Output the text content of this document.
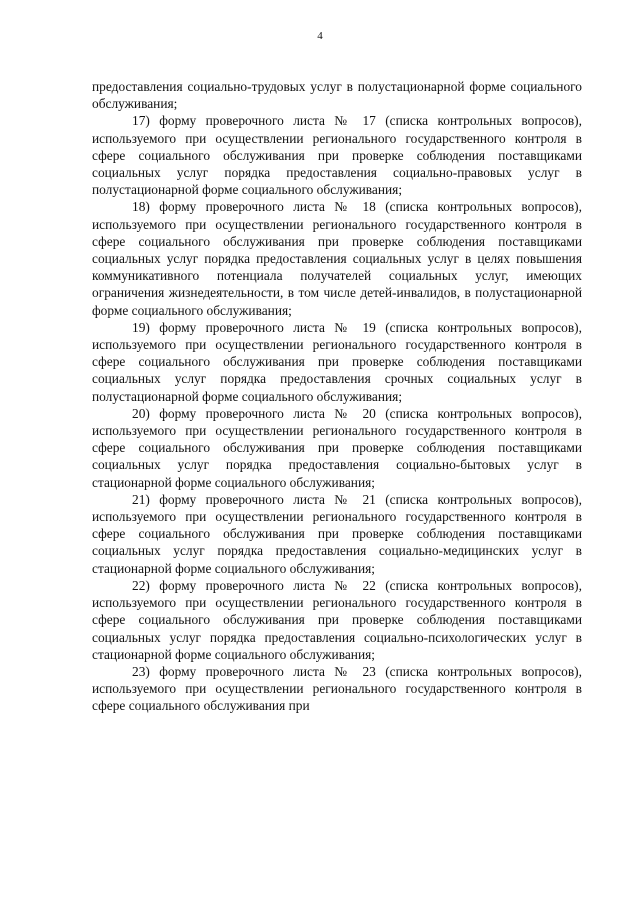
4

предоставления социально-трудовых услуг в полустационарной форме социального обслуживания;

17) форму проверочного листа № 17 (списка контрольных вопросов), используемого при осуществлении регионального государственного контроля в сфере социального обслуживания при проверке соблюдения поставщиками социальных услуг порядка предоставления социально-правовых услуг в полустационарной форме социального обслуживания;

18) форму проверочного листа № 18 (списка контрольных вопросов), используемого при осуществлении регионального государственного контроля в сфере социального обслуживания при проверке соблюдения поставщиками социальных услуг порядка предоставления социальных услуг в целях повышения коммуникативного потенциала получателей социальных услуг, имеющих ограничения жизнедеятельности, в том числе детей-инвалидов, в полустационарной форме социального обслуживания;

19) форму проверочного листа № 19 (списка контрольных вопросов), используемого при осуществлении регионального государственного контроля в сфере социального обслуживания при проверке соблюдения поставщиками социальных услуг порядка предоставления срочных социальных услуг в полустационарной форме социального обслуживания;

20) форму проверочного листа № 20 (списка контрольных вопросов), используемого при осуществлении регионального государственного контроля в сфере социального обслуживания при проверке соблюдения поставщиками социальных услуг порядка предоставления социально-бытовых услуг в стационарной форме социального обслуживания;

21) форму проверочного листа № 21 (списка контрольных вопросов), используемого при осуществлении регионального государственного контроля в сфере социального обслуживания при проверке соблюдения поставщиками социальных услуг порядка предоставления социально-медицинских услуг в стационарной форме социального обслуживания;

22) форму проверочного листа № 22 (списка контрольных вопросов), используемого при осуществлении регионального государственного контроля в сфере социального обслуживания при проверке соблюдения поставщиками социальных услуг порядка предоставления социально-психологических услуг в стационарной форме социального обслуживания;

23) форму проверочного листа № 23 (списка контрольных вопросов), используемого при осуществлении регионального государственного контроля в сфере социального обслуживания при
